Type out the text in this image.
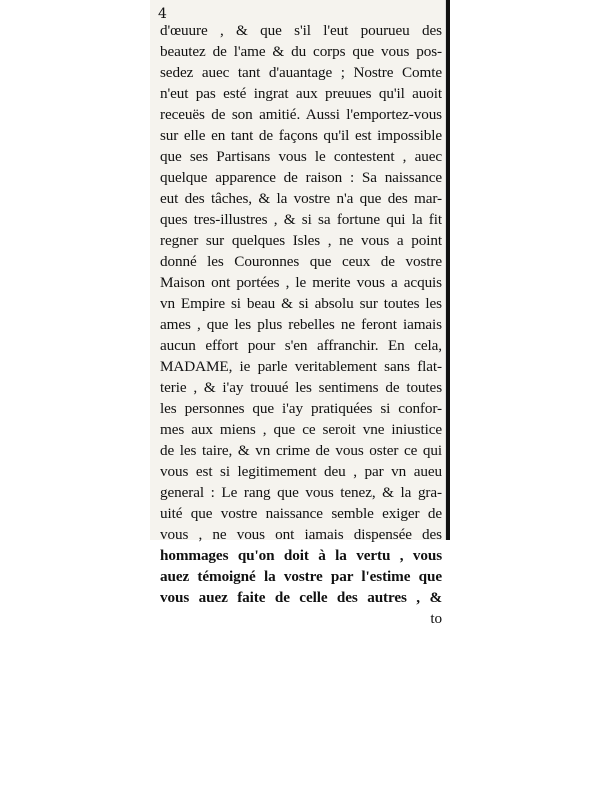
4
d'œuure , & que s'il l'eut pourueu des
beautez de l'ame & du corps que vous pos-
sedez auec tant d'auantage ; Nostre Comte
n'eut pas esté ingrat aux preuues qu'il auoit
receuës de son amitié. Aussi l'emportez-vous
sur elle en tant de façons qu'il est impossible
que ses Partisans vous le contestent , auec
quelque apparence de raison : Sa naissance
eut des tâches, & la vostre n'a que des mar-
ques tres-illustres , & si sa fortune qui la fit
regner sur quelques Isles , ne vous a point
donné les Couronnes que ceux de vostre
Maison ont portées , le merite vous a acquis
vn Empire si beau & si absolu sur toutes les
ames , que les plus rebelles ne feront iamais
aucun effort pour s'en affranchir. En cela,
MADAME, ie parle veritablement sans flat-
terie , & i'ay trouué les sentimens de toutes
les personnes que i'ay pratiquées si confor-
mes aux miens , que ce seroit vne iniustice
de les taire, & vn crime de vous oster ce qui
vous est si legitimement deu , par vn aueu
general : Le rang que vous tenez, & la gra-
uité que vostre naissance semble exiger de
vous , ne vous ont iamais dispensée des
hommages qu'on doit à la vertu , vous
auez témoigné la vostre par l'estime que
vous auez faite de celle des autres , &
to
